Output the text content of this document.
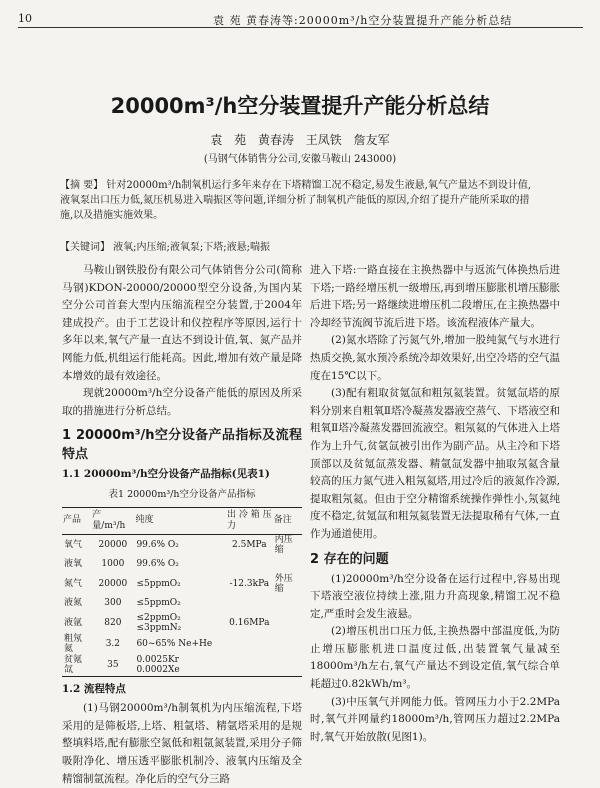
10	袁 苑 黄春涛等:20000m³/h空分装置提升产能分析总结

20000m³/h空分装置提升产能分析总结
袁 苑 黄春涛 王凤铁 詹友军
(马钢气体销售分公司,安徽马鞍山 243000)
【摘 要】 针对20000m³/h制氧机运行多年来存在下塔精馏工况不稳定,易发生液悬,氧气产量达不到设计值,液氧泵出口压力低,氮压机易进入喘振区等问题,详细分析了制氧机产能低的原因,介绍了提升产能所采取的措施,以及措施实施效果。
【关键词】 液氧;内压缩;液氧泵;下塔;液悬;喘振

马鞍山钢铁股份有限公司气体销售分公司(简称马钢)KDON-20000/20000型空分设备,为国内某空分公司首套大型内压缩流程空分装置,于2004年建成投产。由于工艺设计和仪控程序等原因,运行十多年以来,氧气产量一直达不到设计值,氧、氮产品并网能力低,机组运行能耗高。因此,增加有效产量是降本增效的最有效途径。

现就20000m³/h空分设备产能低的原因及所采取的措施进行分析总结。

1 20000m³/h空分设备产品指标及流程特点
1.1 20000m³/h空分设备产品指标(见表1)
表1 20000m³/h空分设备产品指标
产品	产量/m³/h	纯度	出冷箱压力	备注
氧气	20000	99.6% O₂	2.5MPa	内压缩
液氧	1000	99.6% O₂		
氮气	20000	≤5ppmO₂	-12.3kPa	外压缩
液氮	300	≤5ppmO₂		
液氩	820	≤2ppmO₂ ≤3ppmN₂	0.16MPa	
粗氖氦	3.2	60~65% Ne+He		
贫氪氙	35	0.0025Kr 0.0002Xe		
1.2 流程特点

(1)马钢20000m³/h制氧机为内压缩流程,下塔采用的是筛板塔,上塔、粗氩塔、精氩塔采用的是规整填料塔,配有膨胀空氮低和粗氩氮装置,采用分子筛吸附净化、增压透平膨胀机制冷、液氧内压缩及全精馏制氩流程。净化后的空气分三路

进入下塔:一路直接在主换热器中与返流气体换热后进下塔;一路经增压机一级增压,再到增压膨胀机增压膨胀后进下塔;另一路继续进增压机二段增压,在主换热器中冷却经节流阀节流后进下塔。该流程液体产量大。

(2)氮水塔除了污氮气外,增加一股纯氮气与水进行热质交换,氮水预冷系统冷却效果好,出空冷塔的空气温度在15℃以下。

(3)配有粗取贫氪氙和粗氖氦装置。贫氪氙塔的原料分别来自粗氧Ⅱ塔冷凝蒸发器液空蒸气、下塔液空和粗氧Ⅱ塔冷凝蒸发器回流液空。粗氖氦的气体进入上塔作为上升气,贫氩氙被引出作为副产品。从主冷和下塔顶部以及贫氪氙蒸发器、精氩氙发器中抽取氖氦含量较高的压力氮气进入粗氖氦塔,用过冷后的液氮作冷源,提取粗氖氦。但由于空分精馏系统操作弹性小,氖氦纯度不稳定,贫氪氙和粗氖氦装置无法提取稀有气体,一直作为通道使用。

2 存在的问题

(1)20000m³/h空分设备在运行过程中,容易出现下塔液空液位持续上涨,阻力升高现象,精馏工况不稳定,严重时会发生液悬。

(2)增压机出口压力低,主换热器中部温度低,为防止增压膨胀机进口温度过低,出装置氧气量减至18000m³/h左右,氧气产量达不到设定值,氧气综合单耗超过0.82kWh/m³。

(3)中压氧气并网能力低。管网压力小于2.2MPa时,氧气并网量约18000m³/h,管网压力超过2.2MPa时,氧气开始放散(见图1)。
